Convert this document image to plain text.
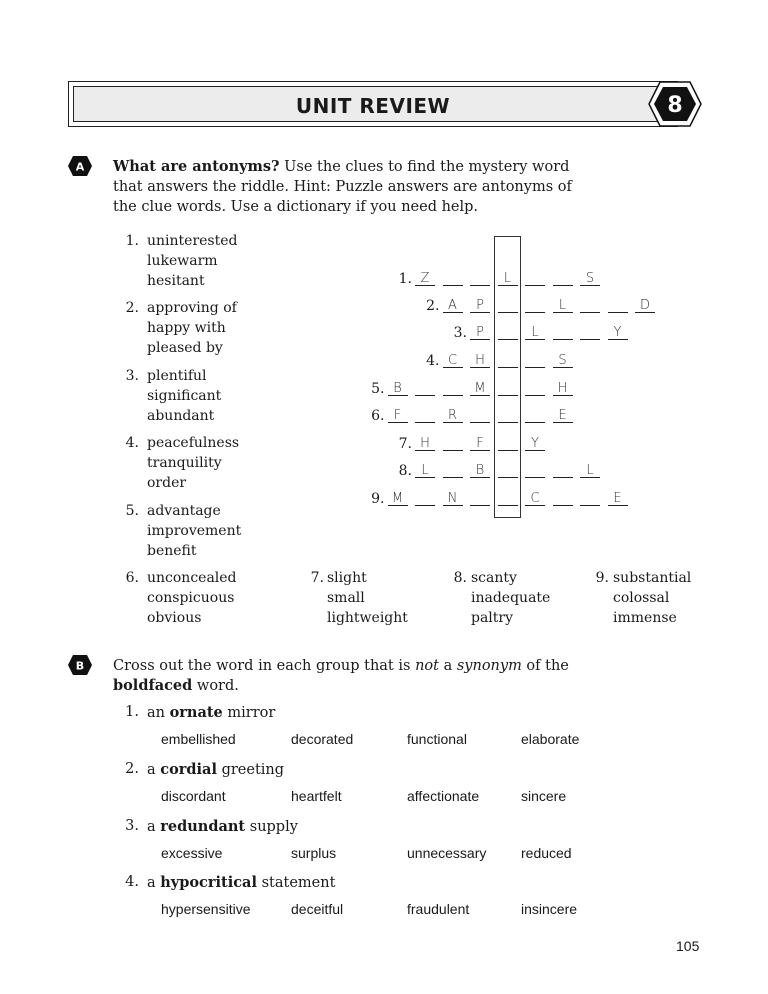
UNIT REVIEW	8
A What are antonyms? Use the clues to find the mystery word
that answers the riddle. Hint: Puzzle answers are antonyms of
the clue words. Use a dictionary if you need help.
1. uninterested
lukewarm
hesitant
2. approving of
happy with
pleased by
3. plentiful
significant
abundant
4. peacefulness
tranquility
order
5. advantage
improvement
benefit
6. unconcealed
conspicuous
obvious
7. slight
small
lightweight
8. scanty
inadequate
paltry
9. substantial
colossal
immense
1. Z	L	S
2. A	P	L	D
3. P	L	Y
4. C	H	S
5. B	M	H
6. F	R	E
7. H	F	Y
8. L	B	L
9. M	N	C	E
B Cross out the word in each group that is not a synonym of the
boldfaced word.
1. an ornate mirror
embellished	decorated	functional	elaborate
2. a cordial greeting
discordant	heartfelt	affectionate	sincere
3. a redundant supply
excessive	surplus	unnecessary reduced
4. a hypocritical statement
hypersensitive	deceitful	fraudulent	insincere
105
